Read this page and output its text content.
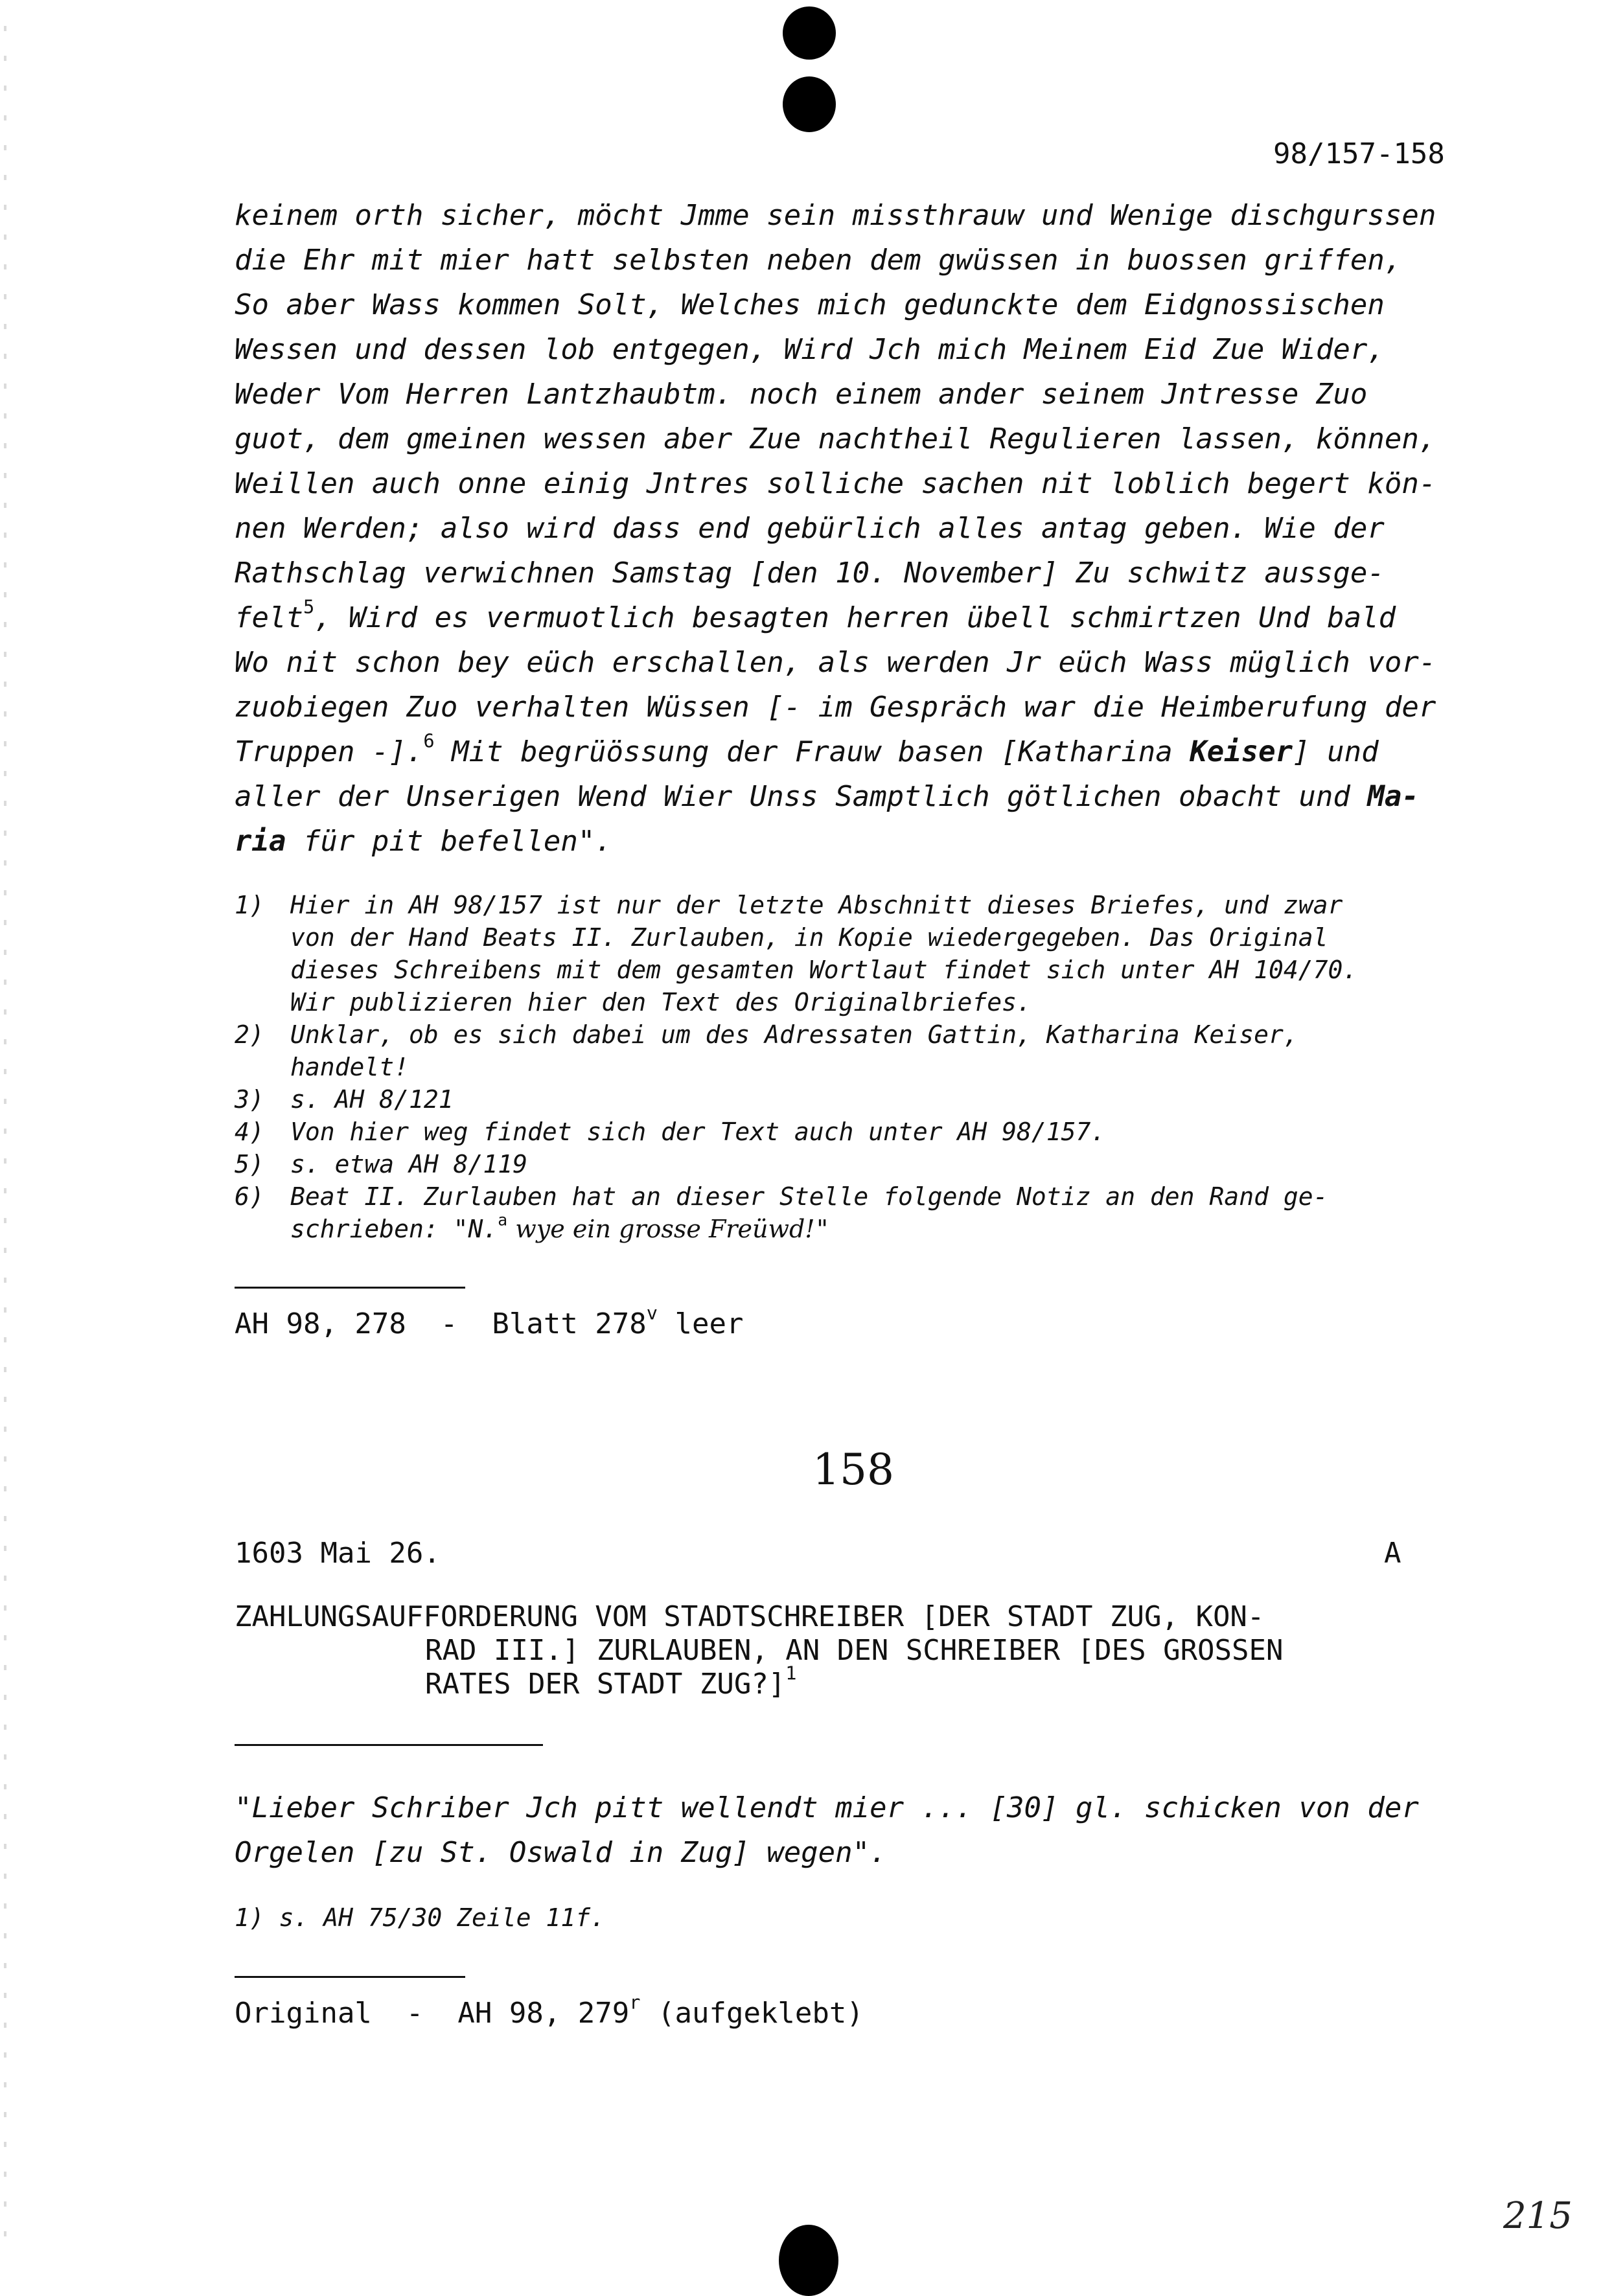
98/157-158
keinem orth sicher, möcht Jmme sein missthrauw und Wenige dischgurssen
die Ehr mit mier hatt selbsten neben dem gwüssen in buossen griffen,
So aber Wass kommen Solt, Welches mich gedunckte dem Eidgnossischen
Wessen und dessen lob entgegen, Wird Jch mich Meinem Eid Zue Wider,
Weder Vom Herren Lantzhaubtm. noch einem ander seinem Jntresse Zuo
guot, dem gmeinen wessen aber Zue nachtheil Regulieren lassen, können,
Weillen auch onne einig Jntres solliche sachen nit loblich begert kön-
nen Werden; also wird dass end gebürlich alles antag geben. Wie der
Rathschlag verwichnen Samstag [den 10. November] Zu schwitz aussge-
felt$^5$, Wird es vermuotlich besagten herren übell schmirtzen Und bald
Wo nit schon bey eüch erschallen, als werden Jr eüch Wass müglich vor-
zuobiegen Zuo verhalten Wüssen [- im Gespräch war die Heimberufung der
Truppen -].$^6$ Mit begrüössung der Frauw basen [Katharina Keiser] und
aller der Unserigen Wend Wier Unss Samptlich götlichen obacht und Ma-
ria für pit befellen".
1)	Hier in AH 98/157 ist nur der letzte Abschnitt dieses Briefes, und zwar
von der Hand Beats II. Zurlauben, in Kopie wiedergegeben. Das Original
dieses Schreibens mit dem gesamten Wortlaut findet sich unter AH 104/70.
Wir publizieren hier den Text des Originalbriefes.
2)	Unklar, ob es sich dabei um des Adressaten Gattin, Katharina Keiser,
handelt!
3)	s. AH 8/121
4)	Von hier weg findet sich der Text auch unter AH 98/157.
5)	s. etwa AH 8/119
6)	Beat II. Zurlauben hat an dieser Stelle folgende Notiz an den Rand ge-
schrieben: "N.$^a$ wye ein grosse Freüwd!"
AH 98, 278  -  Blatt 278$^v$ leer
158
1603 Mai 26.	A
ZAHLUNGSAUFFORDERUNG VOM STADTSCHREIBER [DER STADT ZUG, KON-
RAD III.] ZURLAUBEN, AN DEN SCHREIBER [DES GROSSEN
RATES DER STADT ZUG?]$^1$
"Lieber Schriber Jch pitt wellendt mier ... [30] gl. schicken von der
Orgelen [zu St. Oswald in Zug] wegen".
1) s. AH 75/30 Zeile 11f.
Original  -  AH 98, 279$^r$ (aufgeklebt)
215
